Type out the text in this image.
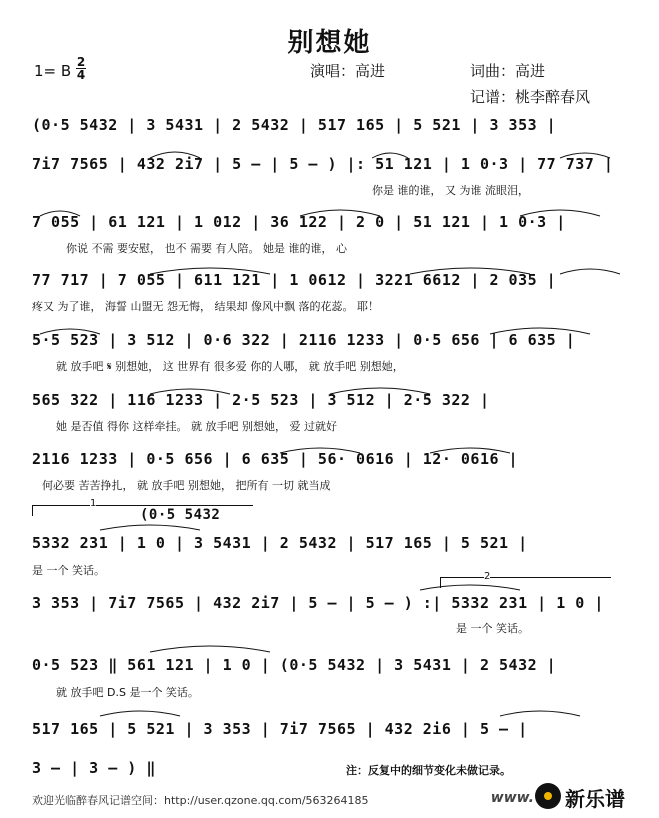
别想她
1= B 2
4	演唱：高进	词曲：高进
记谱：桃李醉春风
(0·5 5432 | 3 5431 | 2 5432 | 517 165 | 5 521 | 3 353 |
7i7 7565 | 432 2i7 | 5 – | 5 – ) |: 51 121 | 1 0·3 | 77 737 |
你是 谁的谁， 又 为谁 流眼泪，
7 055 | 61 121 | 1 012 | 36 122 | 2 0 | 51 121 | 1 0·3 |
你说 不需 要安慰， 也不 需要 有人陪。 她是 谁的谁， 心
77 717 | 7 055 | 611 121 | 1 0612 | 3221 6612 | 2 035 |
疼又 为了谁， 海誓 山盟无 怨无悔， 结果却 像风中飘 落的花蕊。 耶！
5·5 523 | 3 512 | 0·6 322 | 2116 1233 | 0·5 656 | 6 635 |
就 放手吧 𝄋 别想她， 这 世界有 很多爱 你的人哪， 就 放手吧 别想她，
565 322 | 116 1233 | 2·5 523 | 3 512 | 2·5 322 |
她 是否值 得你 这样牵挂。 就 放手吧 别想她， 爱 过就好
2116 1233 | 0·5 656 | 6 635 | 56· 0616 | 12· 0616 |
何必要 苦苦挣扎， 就 放手吧 别想她， 把所有 一切 就当成
1
(0·5 5432
5332 231 | 1 0 | 3 5431 | 2 5432 | 517 165 | 5 521 |
是 一个 笑话。	2
3 353 | 7i7 7565 | 432 2i7 | 5 – | 5 – ) :| 5332 231 | 1 0 |
是 一个 笑话。
0·5 523 ‖ 561 121 | 1 0 | (0·5 5432 | 3 5431 | 2 5432 |
就 放手吧 D.S 是一个 笑话。
517 165 | 5 521 | 3 353 | 7i7 7565 | 432 2i6 | 5 – |
3 – | 3 – ) ‖	注：反复中的细节变化未做记录。
欢迎光临醉春风记谱空间：http://user.qzone.qq.com/563264185	www. 新乐谱
